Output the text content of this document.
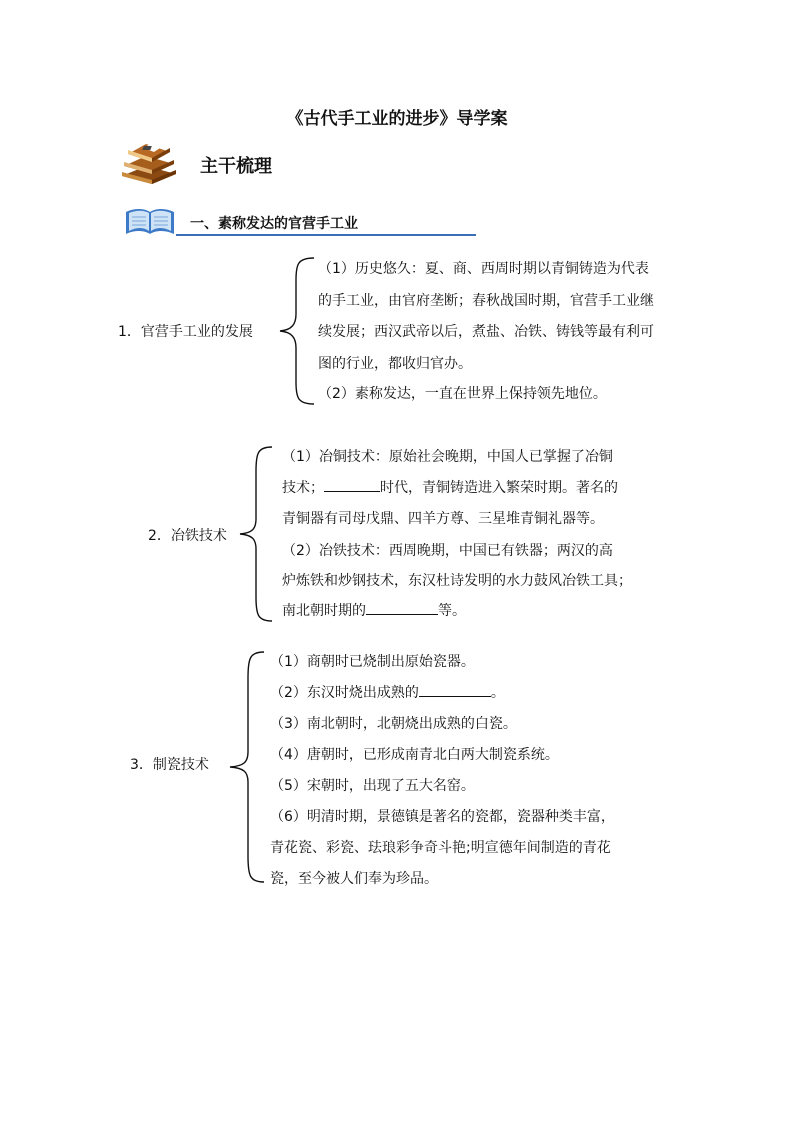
《古代手工业的进步》导学案
主干梳理
一、素称发达的官营手工业
1．官营手工业的发展
（1）历史悠久：夏、商、西周时期以青铜铸造为代表
的手工业，由官府垄断；春秋战国时期，官营手工业继
续发展；西汉武帝以后，煮盐、冶铁、铸钱等最有利可
图的行业，都收归官办。
（2）素称发达，一直在世界上保持领先地位。
2．冶铁技术
（1）冶铜技术：原始社会晚期，中国人已掌握了冶铜
技术；	时代，青铜铸造进入繁荣时期。著名的
青铜器有司母戊鼎、四羊方尊、三星堆青铜礼器等。
（2）冶铁技术：西周晚期，中国已有铁器；两汉的高
炉炼铁和炒钢技术，东汉杜诗发明的水力鼓风冶铁工具；
南北朝时期的	等。
3．制瓷技术
（1）商朝时已烧制出原始瓷器。
（2）东汉时烧出成熟的	。
（3）南北朝时，北朝烧出成熟的白瓷。
（4）唐朝时，已形成南青北白两大制瓷系统。
（5）宋朝时，出现了五大名窑。
（6）明清时期，景德镇是著名的瓷都，瓷器种类丰富，
青花瓷、彩瓷、珐琅彩争奇斗艳;明宣德年间制造的青花
瓷，至今被人们奉为珍品。
